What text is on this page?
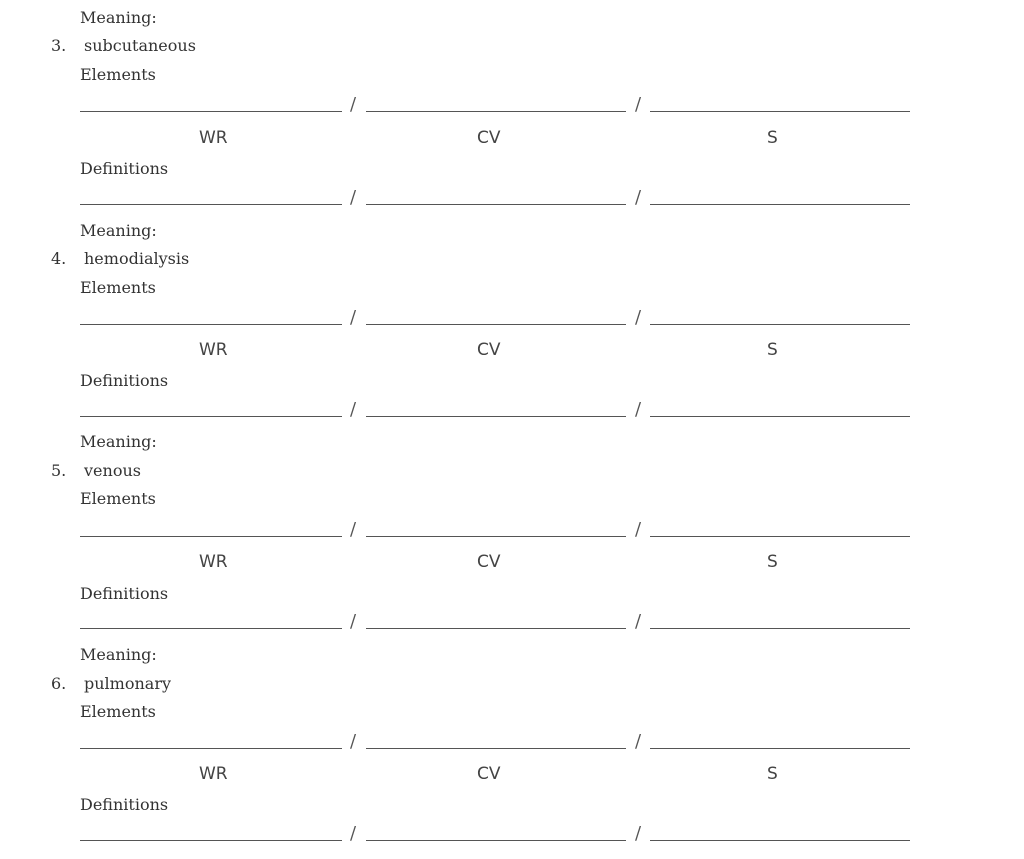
Meaning:
3. subcutaneous
Elements
/	/
WR	CV	S
Definitions
/	/
Meaning:
4. hemodialysis
Elements
/	/
WR	CV	S
Definitions
/	/
Meaning:
5. venous
Elements
/	/
WR	CV	S
Definitions
/	/
Meaning:
6. pulmonary
Elements
/	/
WR	CV	S
Definitions
/	/
